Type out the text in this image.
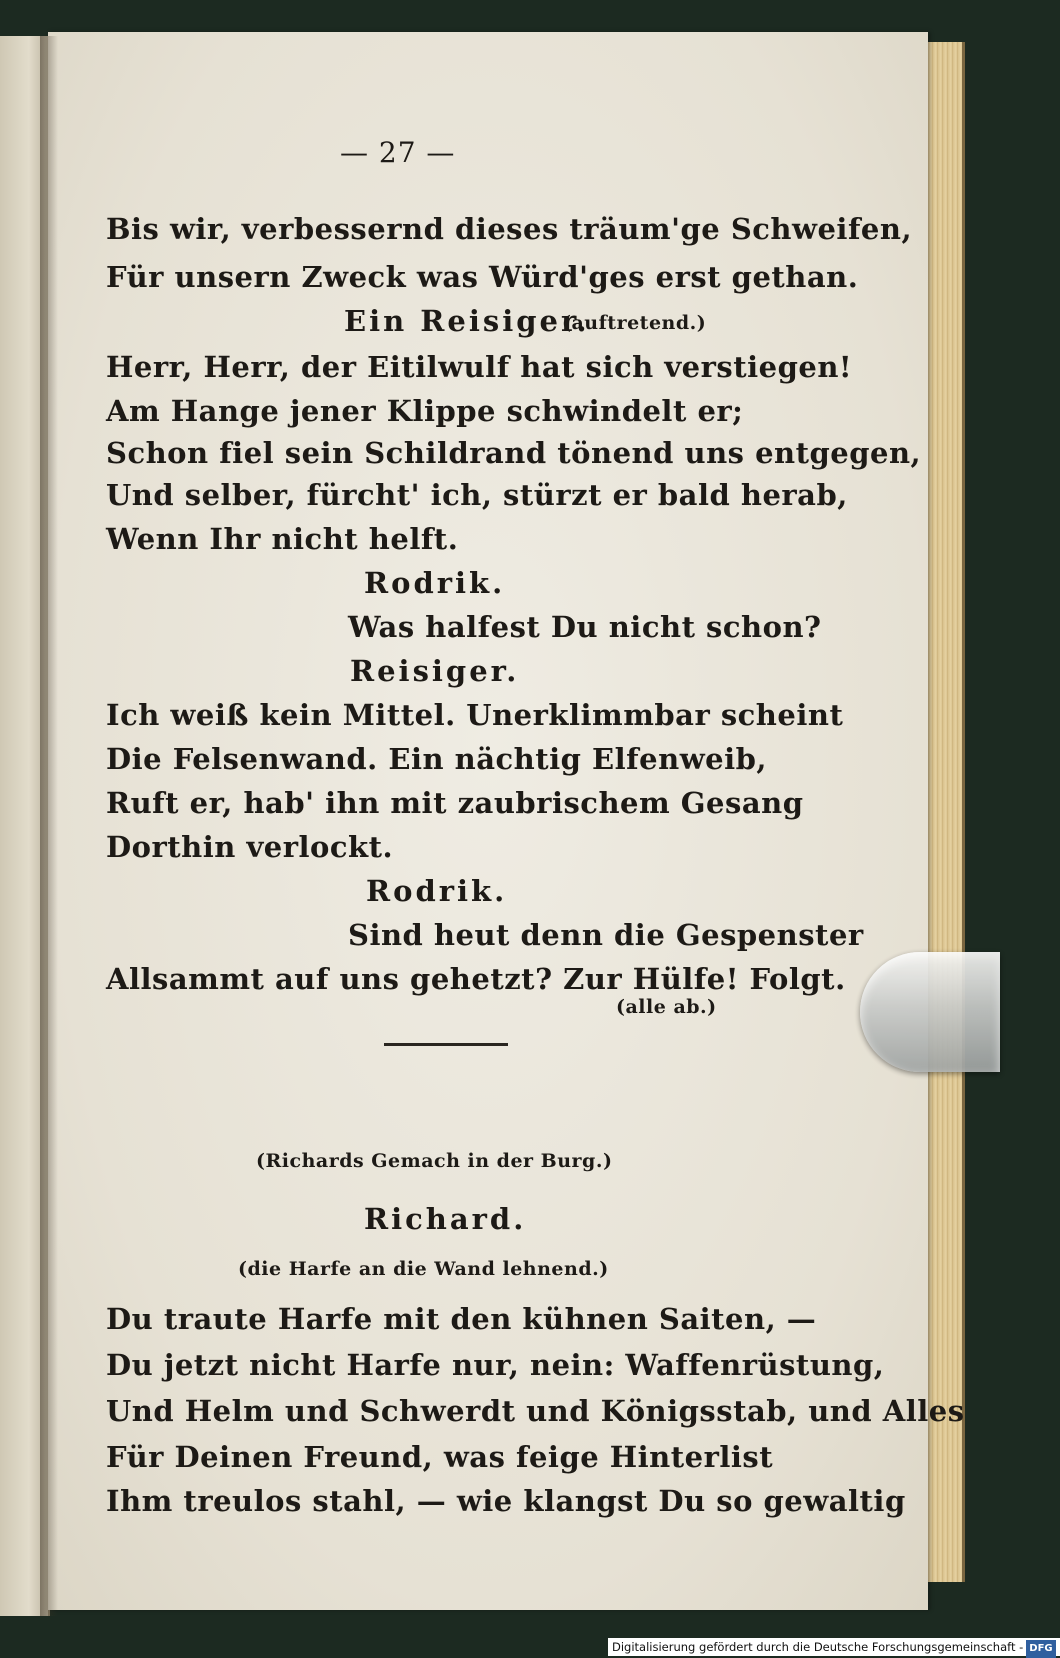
— 27 —
Bis wir, verbessernd dieses träum'ge Schweifen,
Für unsern Zweck was Würd'ges erst gethan.
Ein Reisiger.
(auftretend.)
Herr, Herr, der Eitilwulf hat sich verstiegen!
Am Hange jener Klippe schwindelt er;
Schon fiel sein Schildrand tönend uns entgegen,
Und selber, fürcht' ich, stürzt er bald herab,
Wenn Ihr nicht helft.
Rodrik.
Was halfest Du nicht schon?
Reisiger.
Ich weiß kein Mittel. Unerklimmbar scheint
Die Felsenwand. Ein nächtig Elfenweib,
Ruft er, hab' ihn mit zaubrischem Gesang
Dorthin verlockt.
Rodrik.
Sind heut denn die Gespenster
Allsammt auf uns gehetzt? Zur Hülfe! Folgt.
(alle ab.)
(Richards Gemach in der Burg.)
Richard.
(die Harfe an die Wand lehnend.)
Du traute Harfe mit den kühnen Saiten, —
Du jetzt nicht Harfe nur, nein: Waffenrüstung,
Und Helm und Schwerdt und Königsstab, und Alles
Für Deinen Freund, was feige Hinterlist
Ihm treulos stahl, — wie klangst Du so gewaltig
Digitalisierung gefördert durch die Deutsche Forschungsgemeinschaft - DFG
